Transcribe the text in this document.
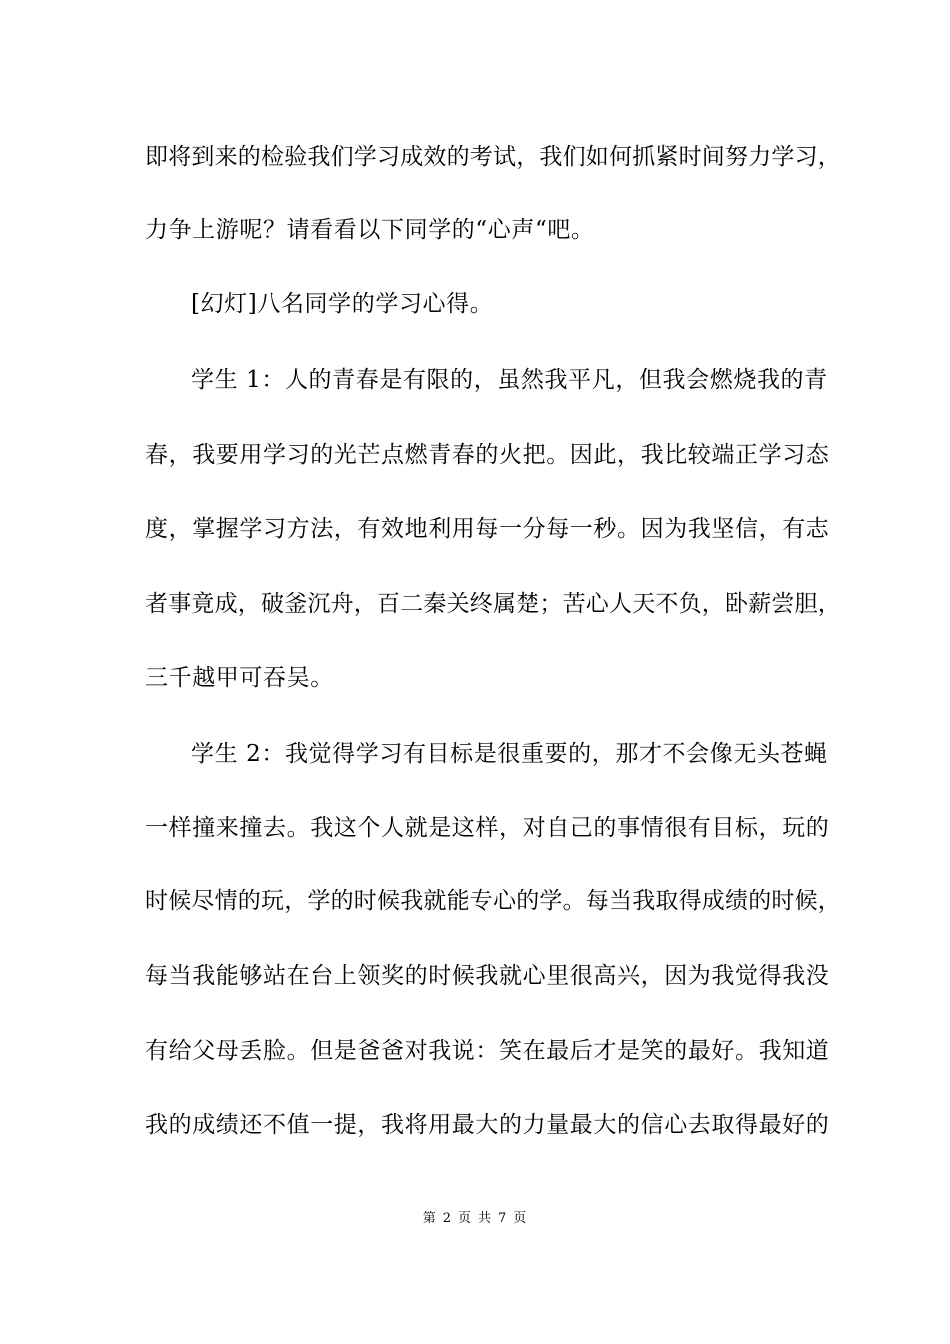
即将到来的检验我们学习成效的考试，我们如何抓紧时间努力学习，
力争上游呢？请看看以下同学的“心声“吧。
[幻灯]八名同学的学习心得。
学生 1：人的青春是有限的，虽然我平凡，但我会燃烧我的青
春，我要用学习的光芒点燃青春的火把。因此，我比较端正学习态
度，掌握学习方法，有效地利用每一分每一秒。因为我坚信，有志
者事竟成，破釜沉舟，百二秦关终属楚；苦心人天不负，卧薪尝胆，
三千越甲可吞吴。
学生 2：我觉得学习有目标是很重要的，那才不会像无头苍蝇
一样撞来撞去。我这个人就是这样，对自己的事情很有目标，玩的
时候尽情的玩，学的时候我就能专心的学。每当我取得成绩的时候，
每当我能够站在台上领奖的时候我就心里很高兴，因为我觉得我没
有给父母丢脸。但是爸爸对我说：笑在最后才是笑的最好。我知道
我的成绩还不值一提，我将用最大的力量最大的信心去取得最好的
第 2 页 共 7 页
